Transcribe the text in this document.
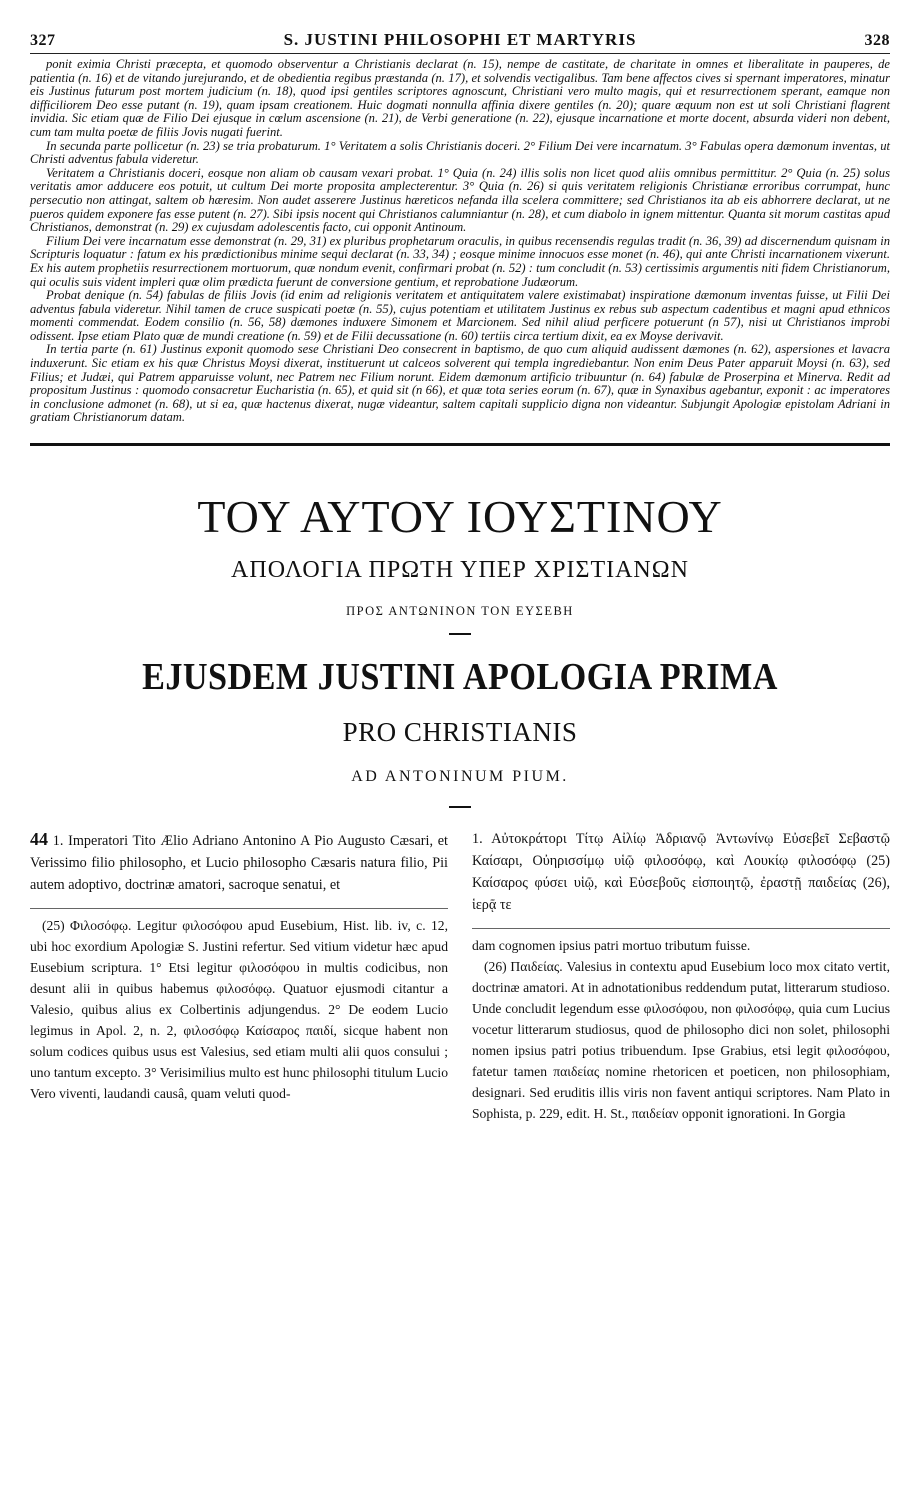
327	S. JUSTINI PHILOSOPHI ET MARTYRIS	328

ponit eximia Christi præcepta, et quomodo observentur a Christianis declarat (n. 15), nempe de castitate, de charitate in omnes et liberalitate in pauperes, de patientia (n. 16) et de vitando jurejurando, et de obedientia regibus præstanda (n. 17), et solvendis vectigalibus. Tam bene affectos cives si spernant imperatores, minatur eis Justinus futurum post mortem judicium (n. 18), quod ipsi gentiles scriptores agnoscunt, Christiani vero multo magis, qui et resurrectionem sperant, eamque non difficiliorem Deo esse putant (n. 19), quam ipsam creationem. Huic dogmati nonnulla affinia dixere gentiles (n. 20); quare æquum non est ut soli Christiani flagrent invidia. Sic etiam quæ de Filio Dei ejusque in cœlum ascensione (n. 21), de Verbi generatione (n. 22), ejusque incarnatione et morte docent, absurda videri non debent, cum tam multa poetæ de filiis Jovis nugati fuerint.

In secunda parte pollicetur (n. 23) se tria probaturum. 1° Veritatem a solis Christianis doceri. 2° Filium Dei vere incarnatum. 3° Fabulas opera dæmonum inventas, ut Christi adventus fabula videretur.

Veritatem a Christianis doceri, eosque non aliam ob causam vexari probat. 1° Quia (n. 24) illis solis non licet quod aliis omnibus permittitur. 2° Quia (n. 25) solus veritatis amor adducere eos potuit, ut cultum Dei morte proposita amplecterentur. 3° Quia (n. 26) si quis veritatem religionis Christianæ erroribus corrumpat, hunc persecutio non attingat, saltem ob hæresim. Non audet asserere Justinus hæreticos nefanda illa scelera committere; sed Christianos ita ab eis abhorrere declarat, ut ne pueros quidem exponere fas esse putent (n. 27). Sibi ipsis nocent qui Christianos calumniantur (n. 28), et cum diabolo in ignem mittentur. Quanta sit morum castitas apud Christianos, demonstrat (n. 29) ex cujusdam adolescentis facto, cui opponit Antinoum.

Filium Dei vere incarnatum esse demonstrat (n. 29, 31) ex pluribus prophetarum oraculis, in quibus recensendis regulas tradit (n. 36, 39) ad discernendum quisnam in Scripturis loquatur : fatum ex his prædictionibus minime sequi declarat (n. 33, 34) ; eosque minime innocuos esse monet (n. 46), qui ante Christi incarnationem vixerunt. Ex his autem prophetiis resurrectionem mortuorum, quæ nondum evenit, confirmari probat (n. 52) : tum concludit (n. 53) certissimis argumentis niti fidem Christianorum, qui oculis suis vident impleri quæ olim prædicta fuerunt de conversione gentium, et reprobatione Judæorum.

Probat denique (n. 54) fabulas de filiis Jovis (id enim ad religionis veritatem et antiquitatem valere existimabat) inspiratione dæmonum inventas fuisse, ut Filii Dei adventus fabula videretur. Nihil tamen de cruce suspicati poetæ (n. 55), cujus potentiam et utilitatem Justinus ex rebus sub aspectum cadentibus et magni apud ethnicos momenti commendat. Eodem consilio (n. 56, 58) dæmones induxere Simonem et Marcionem. Sed nihil aliud perficere potuerunt (n 57), nisi ut Christianos improbi odissent. Ipse etiam Plato quæ de mundi creatione (n. 59) et de Filii decussatione (n. 60) tertiis circa tertium dixit, ea ex Moyse derivavit.

In tertia parte (n. 61) Justinus exponit quomodo sese Christiani Deo consecrent in baptismo, de quo cum aliquid audissent dæmones (n. 62), aspersiones et lavacra induxerunt. Sic etiam ex his quæ Christus Moysi dixerat, instituerunt ut calceos solverent qui templa ingrediebantur. Non enim Deus Pater apparuit Moysi (n. 63), sed Filius; et Judæi, qui Patrem apparuisse volunt, nec Patrem nec Filium norunt. Eidem dæmonum artificio tribuuntur (n. 64) fabulæ de Proserpina et Minerva. Redit ad propositum Justinus : quomodo consacretur Eucharistia (n. 65), et quid sit (n 66), et quæ tota series eorum (n. 67), quæ in Synaxibus agebantur, exponit : ac imperatores in conclusione admonet (n. 68), ut si ea, quæ hactenus dixerat, nugæ videantur, saltem capitali supplicio digna non videantur. Subjungit Apologiæ epistolam Adriani in gratiam Christianorum datam.

ΤΟΥ ΑΥΤΟΥ ΙΟΥΣΤΙΝΟΥ
ΑΠΟΛΟΓΙΑ ΠΡΩΤΗ ΥΠΕΡ ΧΡΙΣΤΙΑΝΩΝ
ΠΡΟΣ ΑΝΤΩΝΙΝΟΝ ΤΟΝ ΕΥΣΕΒΗ
EJUSDEM JUSTINI APOLOGIA PRIMA
PRO CHRISTIANIS
AD ANTONINUM PIUM.

44 1. Imperatori Tito Ælio Adriano Antonino A Pio Augusto Cæsari, et Verissimo filio philosopho, et Lucio philosopho Cæsaris natura filio, Pii autem adoptivo, doctrinæ amatori, sacroque senatui, et

(25) Φιλοσόφῳ. Legitur φιλοσόφου apud Eusebium, Hist. lib. iv, c. 12, ubi hoc exordium Apologiæ S. Justini refertur. Sed vitium videtur hæc apud Eusebium scriptura. 1° Etsi legitur φιλοσόφου in multis codicibus, non desunt alii in quibus habemus φιλοσόφῳ. Quatuor ejusmodi citantur a Valesio, quibus alius ex Colbertinis adjungendus. 2° De eodem Lucio legimus in Apol. 2, n. 2, φιλοσόφῳ Καίσαρος παιδί, sicque habent non solum codices quibus usus est Valesius, sed etiam multi alii quos consului ; uno tantum excepto. 3° Verisimilius multo est hunc philosophi titulum Lucio Vero viventi, laudandi causâ, quam veluti quod-

1. Αὐτοκράτορι Τίτῳ Αἰλίῳ Ἀδριανῷ Ἀντωνίνῳ Εὐσεβεῖ Σεβαστῷ Καίσαρι, Οὐηρισσίμῳ υἱῷ φιλοσόφῳ, καὶ Λουκίῳ φιλοσόφῳ (25) Καίσαρος φύσει υἱῷ, καὶ Εὐσεβοῦς εἰσποιητῷ, ἐραστῇ παιδείας (26), ἱερᾷ τε

dam cognomen ipsius patri mortuo tributum fuisse.

(26) Παιδείας. Valesius in contextu apud Eusebium loco mox citato vertit, doctrinæ amatori. At in adnotationibus reddendum putat, litterarum studioso. Unde concludit legendum esse φιλοσόφου, non φιλοσόφῳ, quia cum Lucius vocetur litterarum studiosus, quod de philosopho dici non solet, philosophi nomen ipsius patri potius tribuendum. Ipse Grabius, etsi legit φιλοσόφου, fatetur tamen παιδείας nomine rhetoricen et poeticen, non philosophiam, designari. Sed eruditis illis viris non favent antiqui scriptores. Nam Plato in Sophista, p. 229, edit. H. St., παιδείαν opponit ignorationi. In Gorgia
